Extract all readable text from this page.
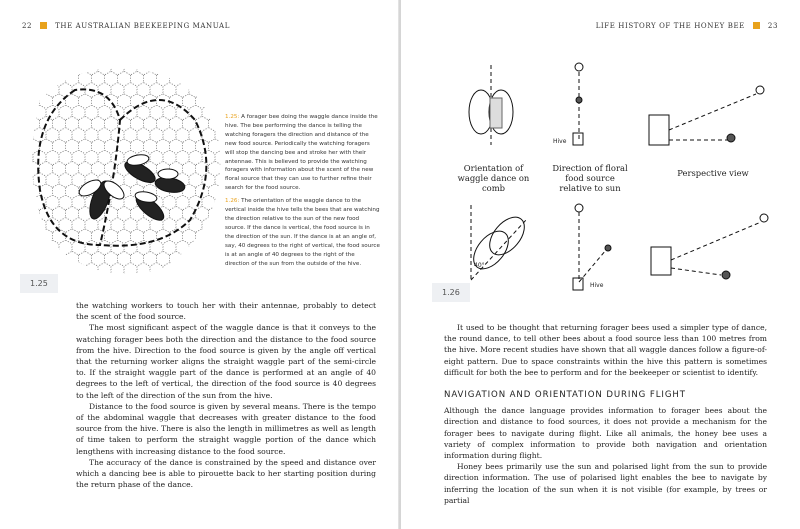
22	THE AUSTRALIAN BEEKEEPING MANUAL
1.25

1.25: A forager bee doing the waggle dance inside the hive. The bee performing the dance is telling the watching foragers the direction and distance of the new food source. Periodically the watching foragers will stop the dancing bee and stroke her with their antennae. This is believed to provide the watching foragers with information about the scent of the new floral source that they can use to further refine their search for the food source.

1.26: The orientation of the waggle dance to the vertical inside the hive tells the bees that are watching the direction relative to the sun of the new food source. If the dance is vertical, the food source is in the direction of the sun. If the dance is at an angle of, say, 40 degrees to the right of vertical, the food source is at an angle of 40 degrees to the right of the direction of the sun from the outside of the hive.

the watching workers to touch her with their antennae, probably to detect the scent of the food source.

The most significant aspect of the waggle dance is that it conveys to the watching forager bees both the direction and the distance to the food source from the hive. Direction to the food source is given by the angle off vertical that the returning worker aligns the straight waggle part of the semi-circle to. If the straight waggle part of the dance is performed at an angle of 40 degrees to the left of vertical, the direction of the food source is 40 degrees to the left of the direction of the sun from the hive.

Distance to the food source is given by several means. There is the tempo of the abdominal waggle that decreases with greater distance to the food source from the hive. There is also the length in millimetres as well as length of time taken to perform the straight waggle portion of the dance which lengthens with increasing distance to the food source.

The accuracy of the dance is constrained by the speed and distance over which a dancing bee is able to pirouette back to her starting position during the return phase of the dance.

LIFE HISTORY OF THE HONEY BEE	23
Hive
Hive
40°
Orientation of waggle dance on comb
Direction of floral food source relative to sun
Perspective view
1.26

It used to be thought that returning forager bees used a simpler type of dance, the round dance, to tell other bees about a food source less than 100 metres from the hive. More recent studies have shown that all waggle dances follow a figure-of-eight pattern. Due to space constraints within the hive this pattern is sometimes difficult for both the bee to perform and for the beekeeper or scientist to identify.

NAVIGATION AND ORIENTATION DURING FLIGHT

Although the dance language provides information to forager bees about the direction and distance to food sources, it does not provide a mechanism for the forager bees to navigate during flight. Like all animals, the honey bee uses a variety of complex information to provide both navigation and orientation information during flight.

Honey bees primarily use the sun and polarised light from the sun to provide direction information. The use of polarised light enables the bee to navigate by inferring the location of the sun when it is not visible (for example, by trees or partial
